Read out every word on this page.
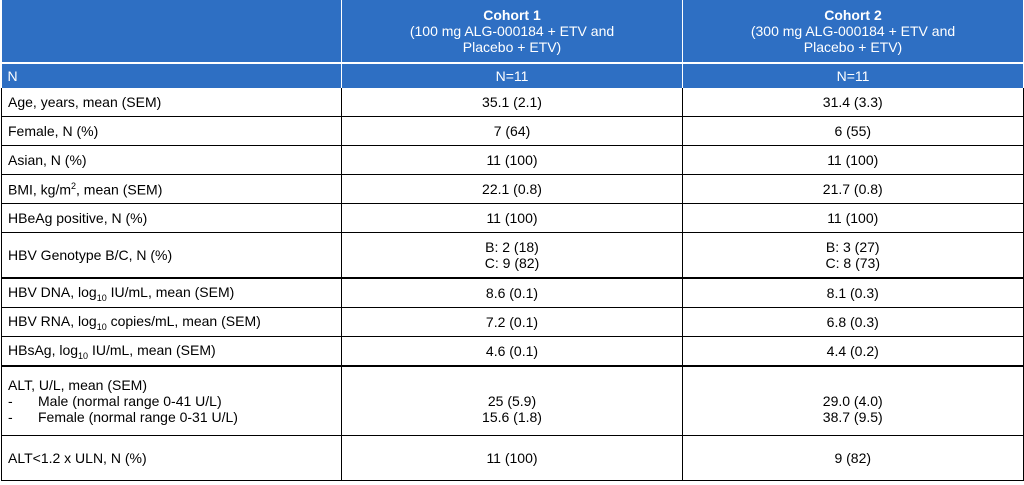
	Cohort 1
(100 mg ALG-000184 + ETV and
Placebo + ETV)	Cohort 2
(300 mg ALG-000184 + ETV and
Placebo + ETV)

N	N=11	N=11
Age, years, mean (SEM)	35.1 (2.1)	31.4 (3.3)
Female, N (%)	7 (64)	6 (55)
Asian, N (%)	11 (100)	11 (100)
BMI, $kg/m^2$, mean (SEM)	22.1 (0.8)	21.7 (0.8)
HBeAg positive, N (%)	11 (100)	11 (100)
HBV Genotype B/C, N (%)	B: 2 (18)
C: 9 (82)	B: 3 (27)
C: 8 (73)

HBV DNA, $\log_{10} IU/mL$, mean (SEM)	8.6 (0.1)	8.1 (0.3)
HBV RNA, $\log_{10}$ copies/mL, mean (SEM)	7.2 (0.1)	6.8 (0.3)
HBsAg, $\log_{10} IU/mL$, mean (SEM)	4.6 (0.1)	4.4 (0.2)

ALT, U/L, mean (SEM)
- Male (normal range 0-41 U/L)
- Female (normal range 0-31 U/L)	25 (5.9)
15.6 (1.8)	29.0 (4.0)
38.7 (9.5)

ALT<1.2 x ULN, N (%)	11 (100)	9 (82)
